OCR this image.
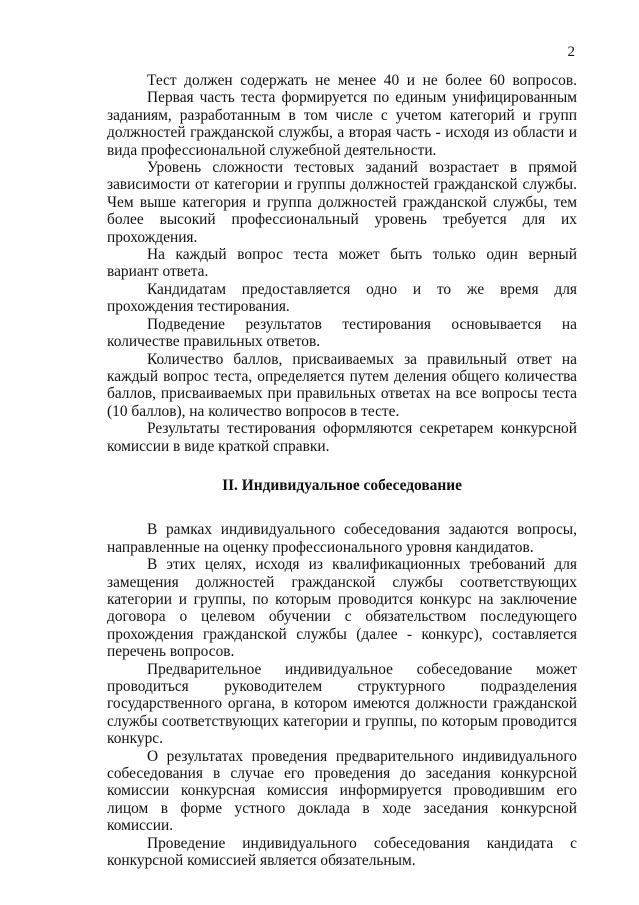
2

Тест должен содержать не менее 40 и не более 60 вопросов.

Первая часть теста формируется по единым унифицированным заданиям, разработанным в том числе с учетом категорий и групп должностей гражданской службы, а вторая часть - исходя из области и вида профессиональной служебной деятельности.

Уровень сложности тестовых заданий возрастает в прямой зависимости от категории и группы должностей гражданской службы. Чем выше категория и группа должностей гражданской службы, тем более высокий профессиональный уровень требуется для их прохождения.

На каждый вопрос теста может быть только один верный вариант ответа.

Кандидатам предоставляется одно и то же время для прохождения тестирования.

Подведение результатов тестирования основывается на количестве правильных ответов.

Количество баллов, присваиваемых за правильный ответ на каждый вопрос теста, определяется путем деления общего количества баллов, присваиваемых при правильных ответах на все вопросы теста (10 баллов), на количество вопросов в тесте.

Результаты тестирования оформляются секретарем конкурсной комиссии в виде краткой справки.

II. Индивидуальное собеседование

В рамках индивидуального собеседования задаются вопросы, направленные на оценку профессионального уровня кандидатов.

В этих целях, исходя из квалификационных требований для замещения должностей гражданской службы соответствующих категории и группы, по которым проводится конкурс на заключение договора о целевом обучении с обязательством последующего прохождения гражданской службы (далее - конкурс), составляется перечень вопросов.

Предварительное индивидуальное собеседование может проводиться руководителем структурного подразделения государственного органа, в котором имеются должности гражданской службы соответствующих категории и группы, по которым проводится конкурс.

О результатах проведения предварительного индивидуального собеседования в случае его проведения до заседания конкурсной комиссии конкурсная комиссия информируется проводившим его лицом в форме устного доклада в ходе заседания конкурсной комиссии.

Проведение индивидуального собеседования кандидата с конкурсной комиссией является обязательным.
